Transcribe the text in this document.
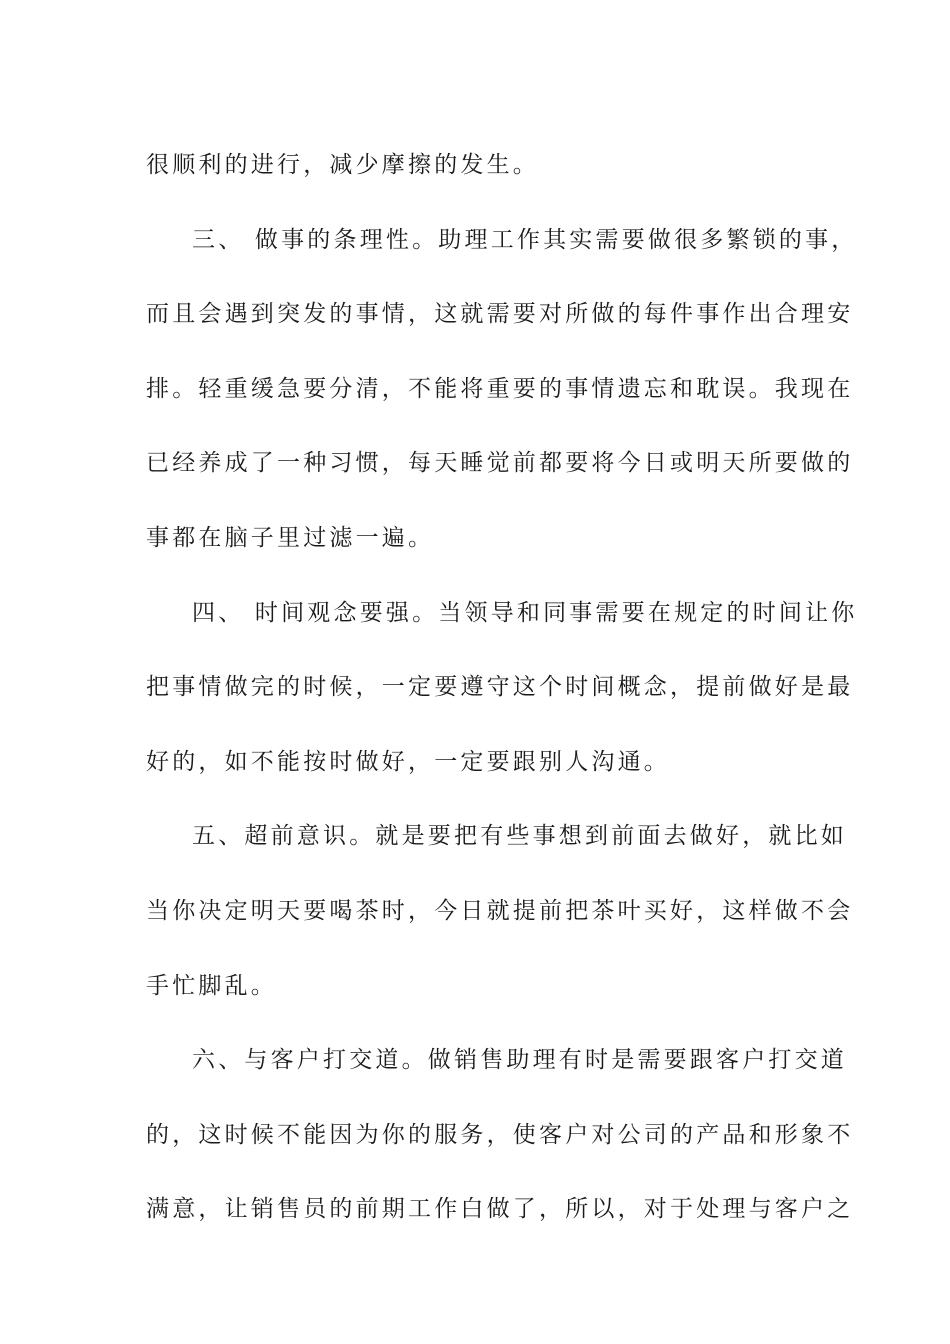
很顺利的进行，减少摩擦的发生。
三、 做事的条理性。助理工作其实需要做很多繁锁的事，
而且会遇到突发的事情，这就需要对所做的每件事作出合理安
排。轻重缓急要分清，不能将重要的事情遗忘和耽误。我现在
已经养成了一种习惯，每天睡觉前都要将今日或明天所要做的
事都在脑子里过滤一遍。
四、 时间观念要强。当领导和同事需要在规定的时间让你
把事情做完的时候，一定要遵守这个时间概念，提前做好是最
好的，如不能按时做好，一定要跟别人沟通。
五、超前意识。就是要把有些事想到前面去做好，就比如
当你决定明天要喝茶时，今日就提前把茶叶买好，这样做不会
手忙脚乱。
六、与客户打交道。做销售助理有时是需要跟客户打交道
的，这时候不能因为你的服务，使客户对公司的产品和形象不
满意，让销售员的前期工作白做了，所以，对于处理与客户之
